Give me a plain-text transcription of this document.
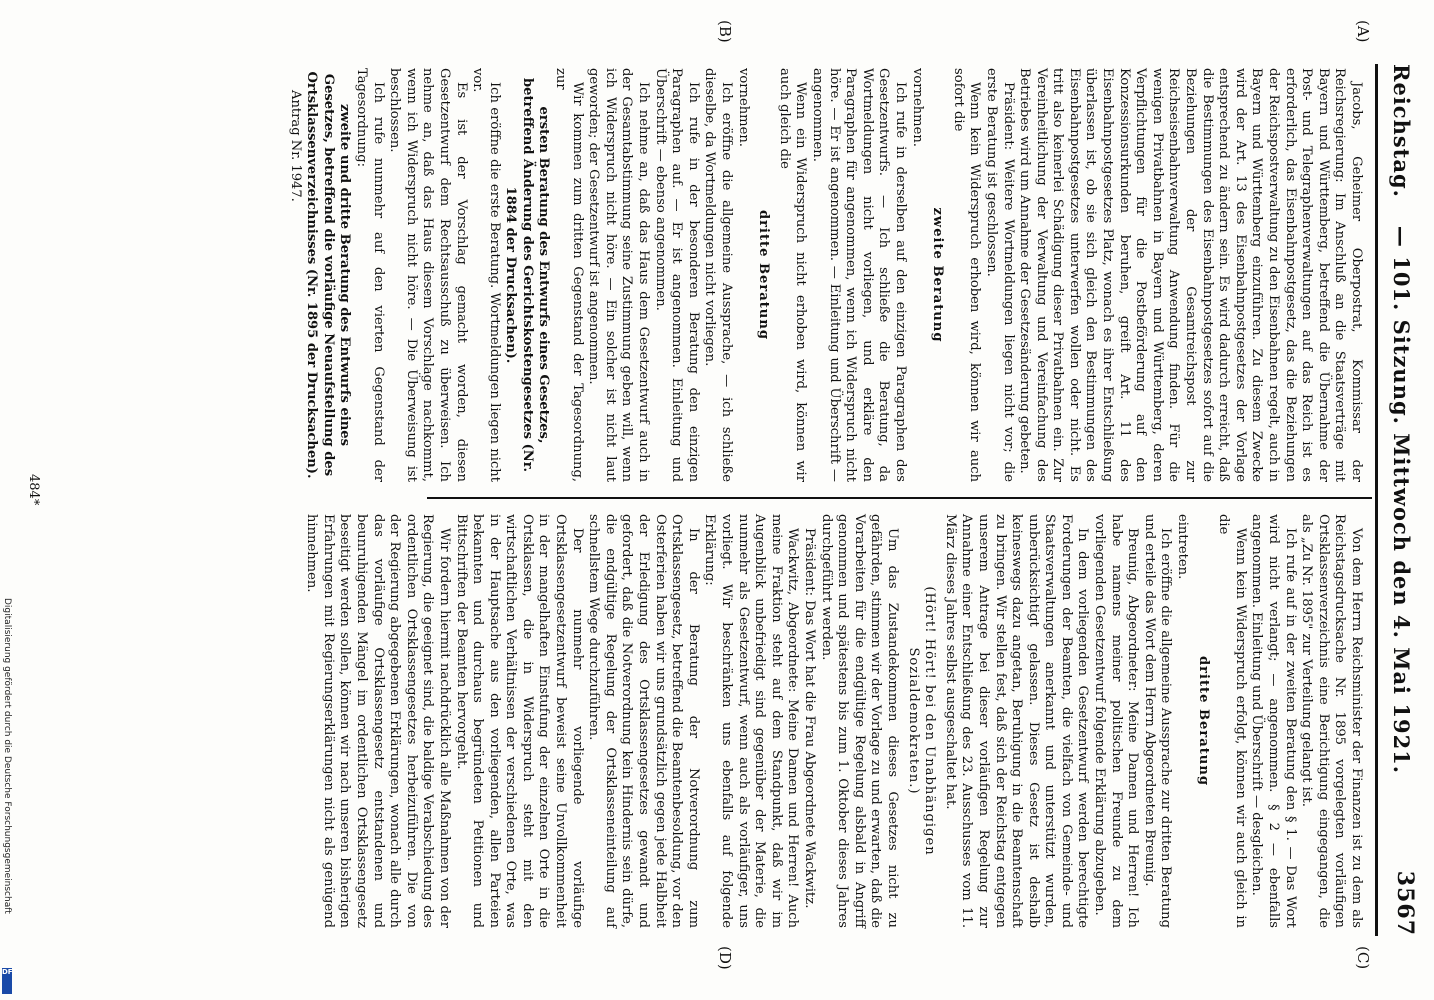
Reichstag.
— 101. Sitzung. Mittwoch den 4. Mai 1921.
3567
(A)
(B)
(C)
(D)

Jacobs, Geheimer Oberpostrat, Kommissar der Reichsregierung: Im Anschluß an die Staatsverträge mit Bayern und Württemberg, betreffend die Übernahme der Post- und Telegraphenverwaltungen auf das Reich ist es erforderlich, das Eisenbahnpostgesetz, das die Beziehungen der Reichspostverwaltung zu den Eisenbahnen regelt, auch in Bayern und Württemberg einzuführen. Zu diesem Zwecke wird der Art. 13 des Eisenbahnpostgesetzes der Vorlage entsprechend zu ändern sein. Es wird dadurch erreicht, daß die Bestimmungen des Eisenbahnpostgesetzes sofort auf die Beziehungen der Gesamtreichspost zur Reichseisenbahnverwaltung Anwendung finden. Für die wenigen Privatbahnen in Bayern und Württemberg, deren Verpflichtungen für die Postbeförderung auf den Konzessionsurkunden beruhen, greift Art. 11 des Eisenbahnpostgesetzes Platz, wonach es ihrer Entschließung überlassen ist, ob sie sich gleich den Bestimmungen des Eisenbahnpostgesetzes unterwerfen wollen oder nicht. Es tritt also keinerlei Schädigung dieser Privatbahnen ein. Zur Vereinheitlichung der Verwaltung und Vereinfachung des Betriebes wird um Annahme der Gesetzesänderung gebeten.

Präsident: Weitere Wortmeldungen liegen nicht vor; die erste Beratung ist geschlossen.

Wenn kein Widerspruch erhoben wird, können wir auch sofort die

zweite Beratung

vornehmen.

Ich rufe in derselben auf den einzigen Paragraphen des Gesetzentwurfs. — Ich schließe die Beratung, da Wortmeldungen nicht vorliegen, und erkläre den Paragraphen für angenommen, wenn ich Widerspruch nicht höre. — Er ist angenommen. — Einleitung und Überschrift — angenommen.

Wenn ein Widerspruch nicht erhoben wird, können wir auch gleich die

dritte Beratung

vornehmen.

Ich eröffne die allgemeine Aussprache, — ich schließe dieselbe, da Wortmeldungen nicht vorliegen.

Ich rufe in der besonderen Beratung den einzigen Paragraphen auf. — Er ist angenommen. Einleitung und Überschrift — ebenso angenommen.

Ich nehme an, daß das Haus dem Gesetzentwurf auch in der Gesamtabstimmung seine Zustimmung geben will, wenn ich Widerspruch nicht höre. — Ein solcher ist nicht laut geworden; der Gesetzentwurf ist angenommen.

Wir kommen zum dritten Gegenstand der Tagesordnung, zur

ersten Beratung des Entwurfs eines Gesetzes, betreffend Änderung des Gerichtskostengesetzes (Nr. 1884 der Drucksachen).

Ich eröffne die erste Beratung. Wortmeldungen liegen nicht vor.

Es ist der Vorschlag gemacht worden, diesen Gesetzentwurf dem Rechtsausschuß zu überweisen. Ich nehme an, daß das Haus diesem Vorschlage nachkommt, wenn ich Widerspruch nicht höre. — Die Überweisung ist beschlossen.

Ich rufe nunmehr auf den vierten Gegenstand der Tagesordnung:

zweite und dritte Beratung des Entwurfs eines Gesetzes, betreffend die vorläufige Neuaufstellung des Ortsklassenverzeichnisses (Nr. 1895 der Drucksachen).

Antrag Nr. 1947.

Von dem Herrn Reichsminister der Finanzen ist zu dem als Reichstagsdrucksache Nr. 1895 vorgelegten vorläufigen Ortsklassenverzeichnis eine Berichtigung eingegangen, die als „Zu Nr. 1895" zur Verteilung gelangt ist.

Ich rufe auf in der zweiten Beratung den § 1. — Das Wort wird nicht verlangt; — angenommen. § 2 — ebenfalls angenommen. Einleitung und Überschrift — desgleichen.

Wenn kein Widerspruch erfolgt, können wir auch gleich in die

dritte Beratung

eintreten.

Ich eröffne die allgemeine Aussprache zur dritten Beratung und erteile das Wort dem Herrn Abgeordneten Breunig.

Breunig, Abgeordneter: Meine Damen und Herren! Ich habe namens meiner politischen Freunde zu dem vorliegenden Gesetzentwurf folgende Erklärung abzugeben.

In dem vorliegenden Gesetzentwurf werden berechtigte Forderungen der Beamten, die vielfach von Gemeinde- und Staatsverwaltungen anerkannt und unterstützt wurden, unberücksichtigt gelassen. Dieses Gesetz ist deshalb keineswegs dazu angetan, Beruhigung in die Beamtenschaft zu bringen. Wir stellen fest, daß sich der Reichstag entgegen unserem Antrage bei dieser vorläufigen Regelung zur Annahme einer Entschließung des 23. Ausschusses vom 11. März dieses Jahres selbst ausgeschaltet hat.

(Hört! Hört! bei den Unabhängigen Sozialdemokraten.)

Um das Zustandekommen dieses Gesetzes nicht zu gefährden, stimmen wir der Vorlage zu und erwarten, daß die Vorarbeiten für die endgültige Regelung alsbald in Angriff genommen und spätestens bis zum 1. Oktober dieses Jahres durchgeführt werden.

Präsident: Das Wort hat die Frau Abgeordnete Wackwitz.

Wackwitz, Abgeordnete: Meine Damen und Herren! Auch meine Fraktion steht auf dem Standpunkt, daß wir im Augenblick unbefriedigt sind gegenüber der Materie, die nunmehr als Gesetzentwurf, wenn auch als vorläufiger, uns vorliegt. Wir beschränken uns ebenfalls auf folgende Erklärung:

In der Beratung der Notverordnung zum Ortsklassengesetz, betreffend die Beamtenbesoldung, vor den Osterferien haben wir uns grundsätzlich gegen jede Halbheit der Erledigung des Ortsklassengesetzes gewandt und gefordert, daß die Notverordnung kein Hindernis sein dürfe, die endgültige Regelung der Ortsklasseneinteilung auf schnellstem Wege durchzuführen.

Der nunmehr vorliegende vorläufige Ortsklassengesetzentwurf beweist seine Unvollkommenheit in der mangelhaften Einstufung der einzelnen Orte in die Ortsklassen, die in Widerspruch steht mit den wirtschaftlichen Verhältnissen der verschiedenen Orte, was in der Hauptsache aus den vorliegenden, allen Parteien bekannten und durchaus begründeten Petitionen und Bittschriften der Beamten hervorgeht.

Wir fordern hiermit nachdrücklich alle Maßnahmen von der Regierung, die geeignet sind, die baldige Verabschiedung des ordentlichen Ortsklassengesetzes herbeizuführen. Die von der Regierung abgegebenen Erklärungen, wonach alle durch das vorläufige Ortsklassengesetz entstandenen und beunruhigenden Mängel im ordentlichen Ortsklassengesetz beseitigt werden sollen, können wir nach unseren bisherigen Erfahrungen mit Regierungserklärungen nicht als genügend hinnehmen.

484*
Digitalisierung gefördert durch die Deutsche Forschungsgemeinschaft
DFG
